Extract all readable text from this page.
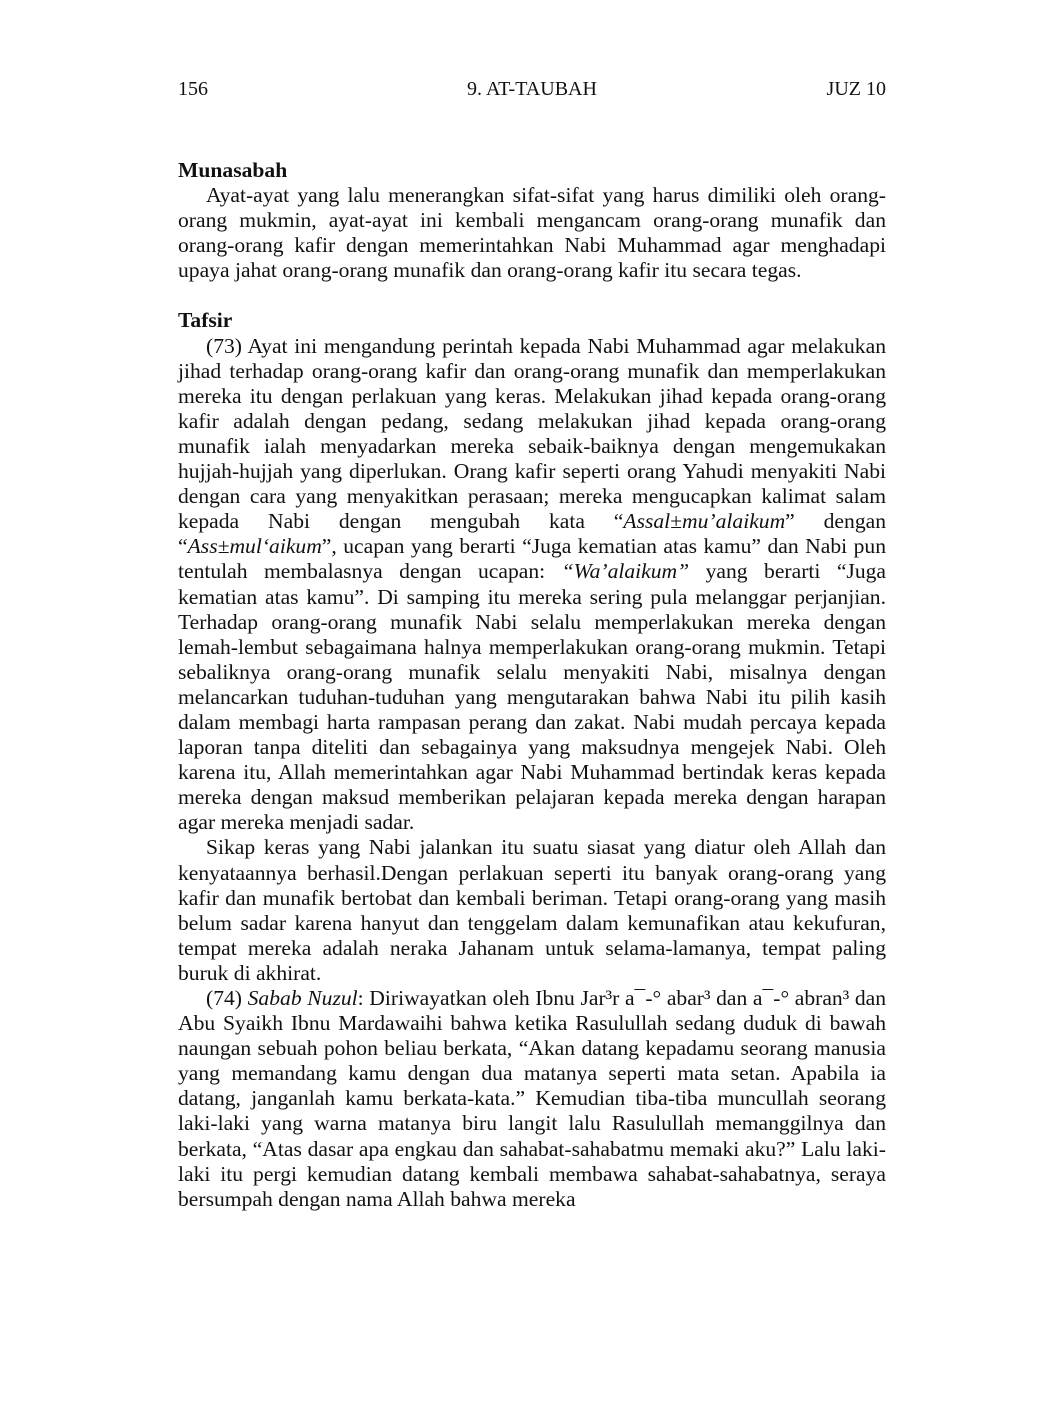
156	9. AT-TAUBAH	JUZ 10
Munasabah

Ayat-ayat yang lalu menerangkan sifat-sifat yang harus dimiliki oleh orang-orang mukmin, ayat-ayat ini kembali mengancam orang-orang munafik dan orang-orang kafir dengan memerintahkan Nabi Muhammad agar menghadapi upaya jahat orang-orang munafik dan orang-orang kafir itu secara tegas.

Tafsir

(73) Ayat ini mengandung perintah kepada Nabi Muhammad agar melakukan jihad terhadap orang-orang kafir dan orang-orang munafik dan memperlakukan mereka itu dengan perlakuan yang keras. Melakukan jihad kepada orang-orang kafir adalah dengan pedang, sedang melakukan jihad kepada orang-orang munafik ialah menyadarkan mereka sebaik-baiknya dengan mengemukakan hujjah-hujjah yang diperlukan. Orang kafir seperti orang Yahudi menyakiti Nabi dengan cara yang menyakitkan perasaan; mereka mengucapkan kalimat salam kepada Nabi dengan mengubah kata “Assal±mu’alaikum” dengan “Ass±mul‘aikum”, ucapan yang berarti “Juga kematian atas kamu” dan Nabi pun tentulah membalasnya dengan ucapan: “Wa’alaikum” yang berarti “Juga kematian atas kamu”. Di samping itu mereka sering pula melanggar perjanjian. Terhadap orang-orang munafik Nabi selalu memperlakukan mereka dengan lemah-lembut sebagaimana halnya memperlakukan orang-orang mukmin. Tetapi sebaliknya orang-orang munafik selalu menyakiti Nabi, misalnya dengan melancarkan tuduhan-tuduhan yang mengutarakan bahwa Nabi itu pilih kasih dalam membagi harta rampasan perang dan zakat. Nabi mudah percaya kepada laporan tanpa diteliti dan sebagainya yang maksudnya mengejek Nabi. Oleh karena itu, Allah memerintahkan agar Nabi Muhammad bertindak keras kepada mereka dengan maksud memberikan pelajaran kepada mereka dengan harapan agar mereka menjadi sadar.

Sikap keras yang Nabi jalankan itu suatu siasat yang diatur oleh Allah dan kenyataannya berhasil.Dengan perlakuan seperti itu banyak orang-orang yang kafir dan munafik bertobat dan kembali beriman. Tetapi orang-orang yang masih belum sadar karena hanyut dan tenggelam dalam kemunafikan atau kekufuran, tempat mereka adalah neraka Jahanam untuk selama-lamanya, tempat paling buruk di akhirat.

(74) Sabab Nuzul: Diriwayatkan oleh Ibnu Jar³r a¯-° abar³ dan a¯-° abran³ dan Abu Syaikh Ibnu Mardawaihi bahwa ketika Rasulullah sedang duduk di bawah naungan sebuah pohon beliau berkata, “Akan datang kepadamu seorang manusia yang memandang kamu dengan dua matanya seperti mata setan. Apabila ia datang, janganlah kamu berkata-kata.” Kemudian tiba-tiba muncullah seorang laki-laki yang warna matanya biru langit lalu Rasulullah memanggilnya dan berkata, “Atas dasar apa engkau dan sahabat-sahabatmu memaki aku?” Lalu laki-laki itu pergi kemudian datang kembali membawa sahabat-sahabatnya, seraya bersumpah dengan nama Allah bahwa mereka
